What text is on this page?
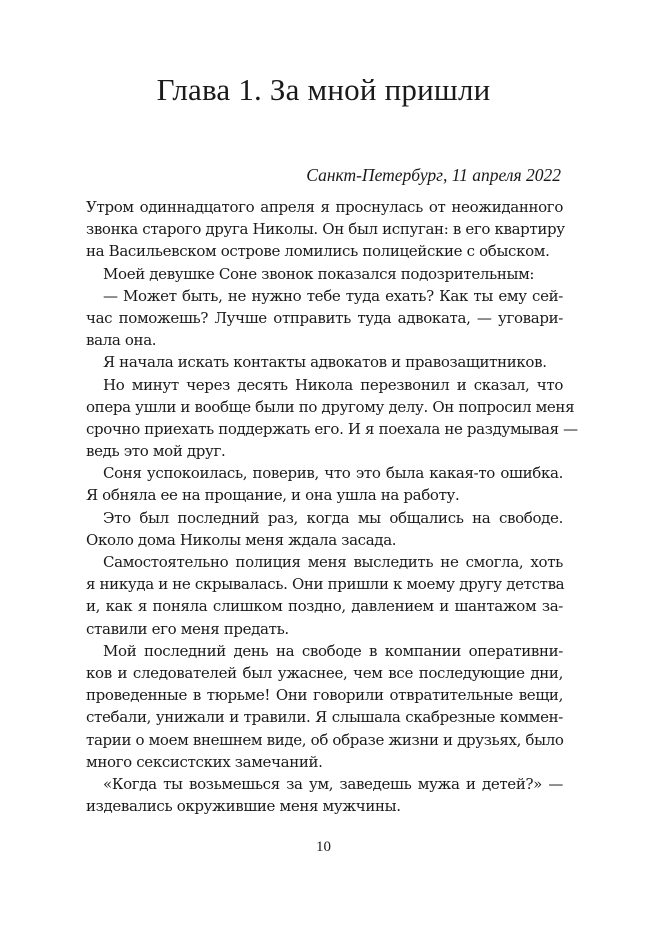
Глава 1. За мной пришли

Санкт-Петербург, 11 апреля 2022

Утром одиннадцатого апреля я проснулась от неожиданного
звонка старого друга Николы. Он был испуган: в его квартиру
на Васильевском острове ломились полицейские с обыском.
Моей девушке Соне звонок показался подозрительным:
— Может быть, не нужно тебе туда ехать? Как ты ему сей-
час поможешь? Лучше отправить туда адвоката, — уговари-
вала она.
Я начала искать контакты адвокатов и правозащитников.
Но минут через десять Никола перезвонил и сказал, что
опера ушли и вообще были по другому делу. Он попросил меня
срочно приехать поддержать его. И я поехала не раздумывая —
ведь это мой друг.
Соня успокоилась, поверив, что это была какая-то ошибка.
Я обняла ее на прощание, и она ушла на работу.
Это был последний раз, когда мы общались на свободе.
Около дома Николы меня ждала засада.
Самостоятельно полиция меня выследить не смогла, хоть
я никуда и не скрывалась. Они пришли к моему другу детства
и, как я поняла слишком поздно, давлением и шантажом за-
ставили его меня предать.
Мой последний день на свободе в компании оперативни-
ков и следователей был ужаснее, чем все последующие дни,
проведенные в тюрьме! Они говорили отвратительные вещи,
стебали, унижали и травили. Я слышала скабрезные коммен-
тарии о моем внешнем виде, об образе жизни и друзьях, было
много сексистских замечаний.
«Когда ты возьмешься за ум, заведешь мужа и детей?» —
издевались окружившие меня мужчины.

10
